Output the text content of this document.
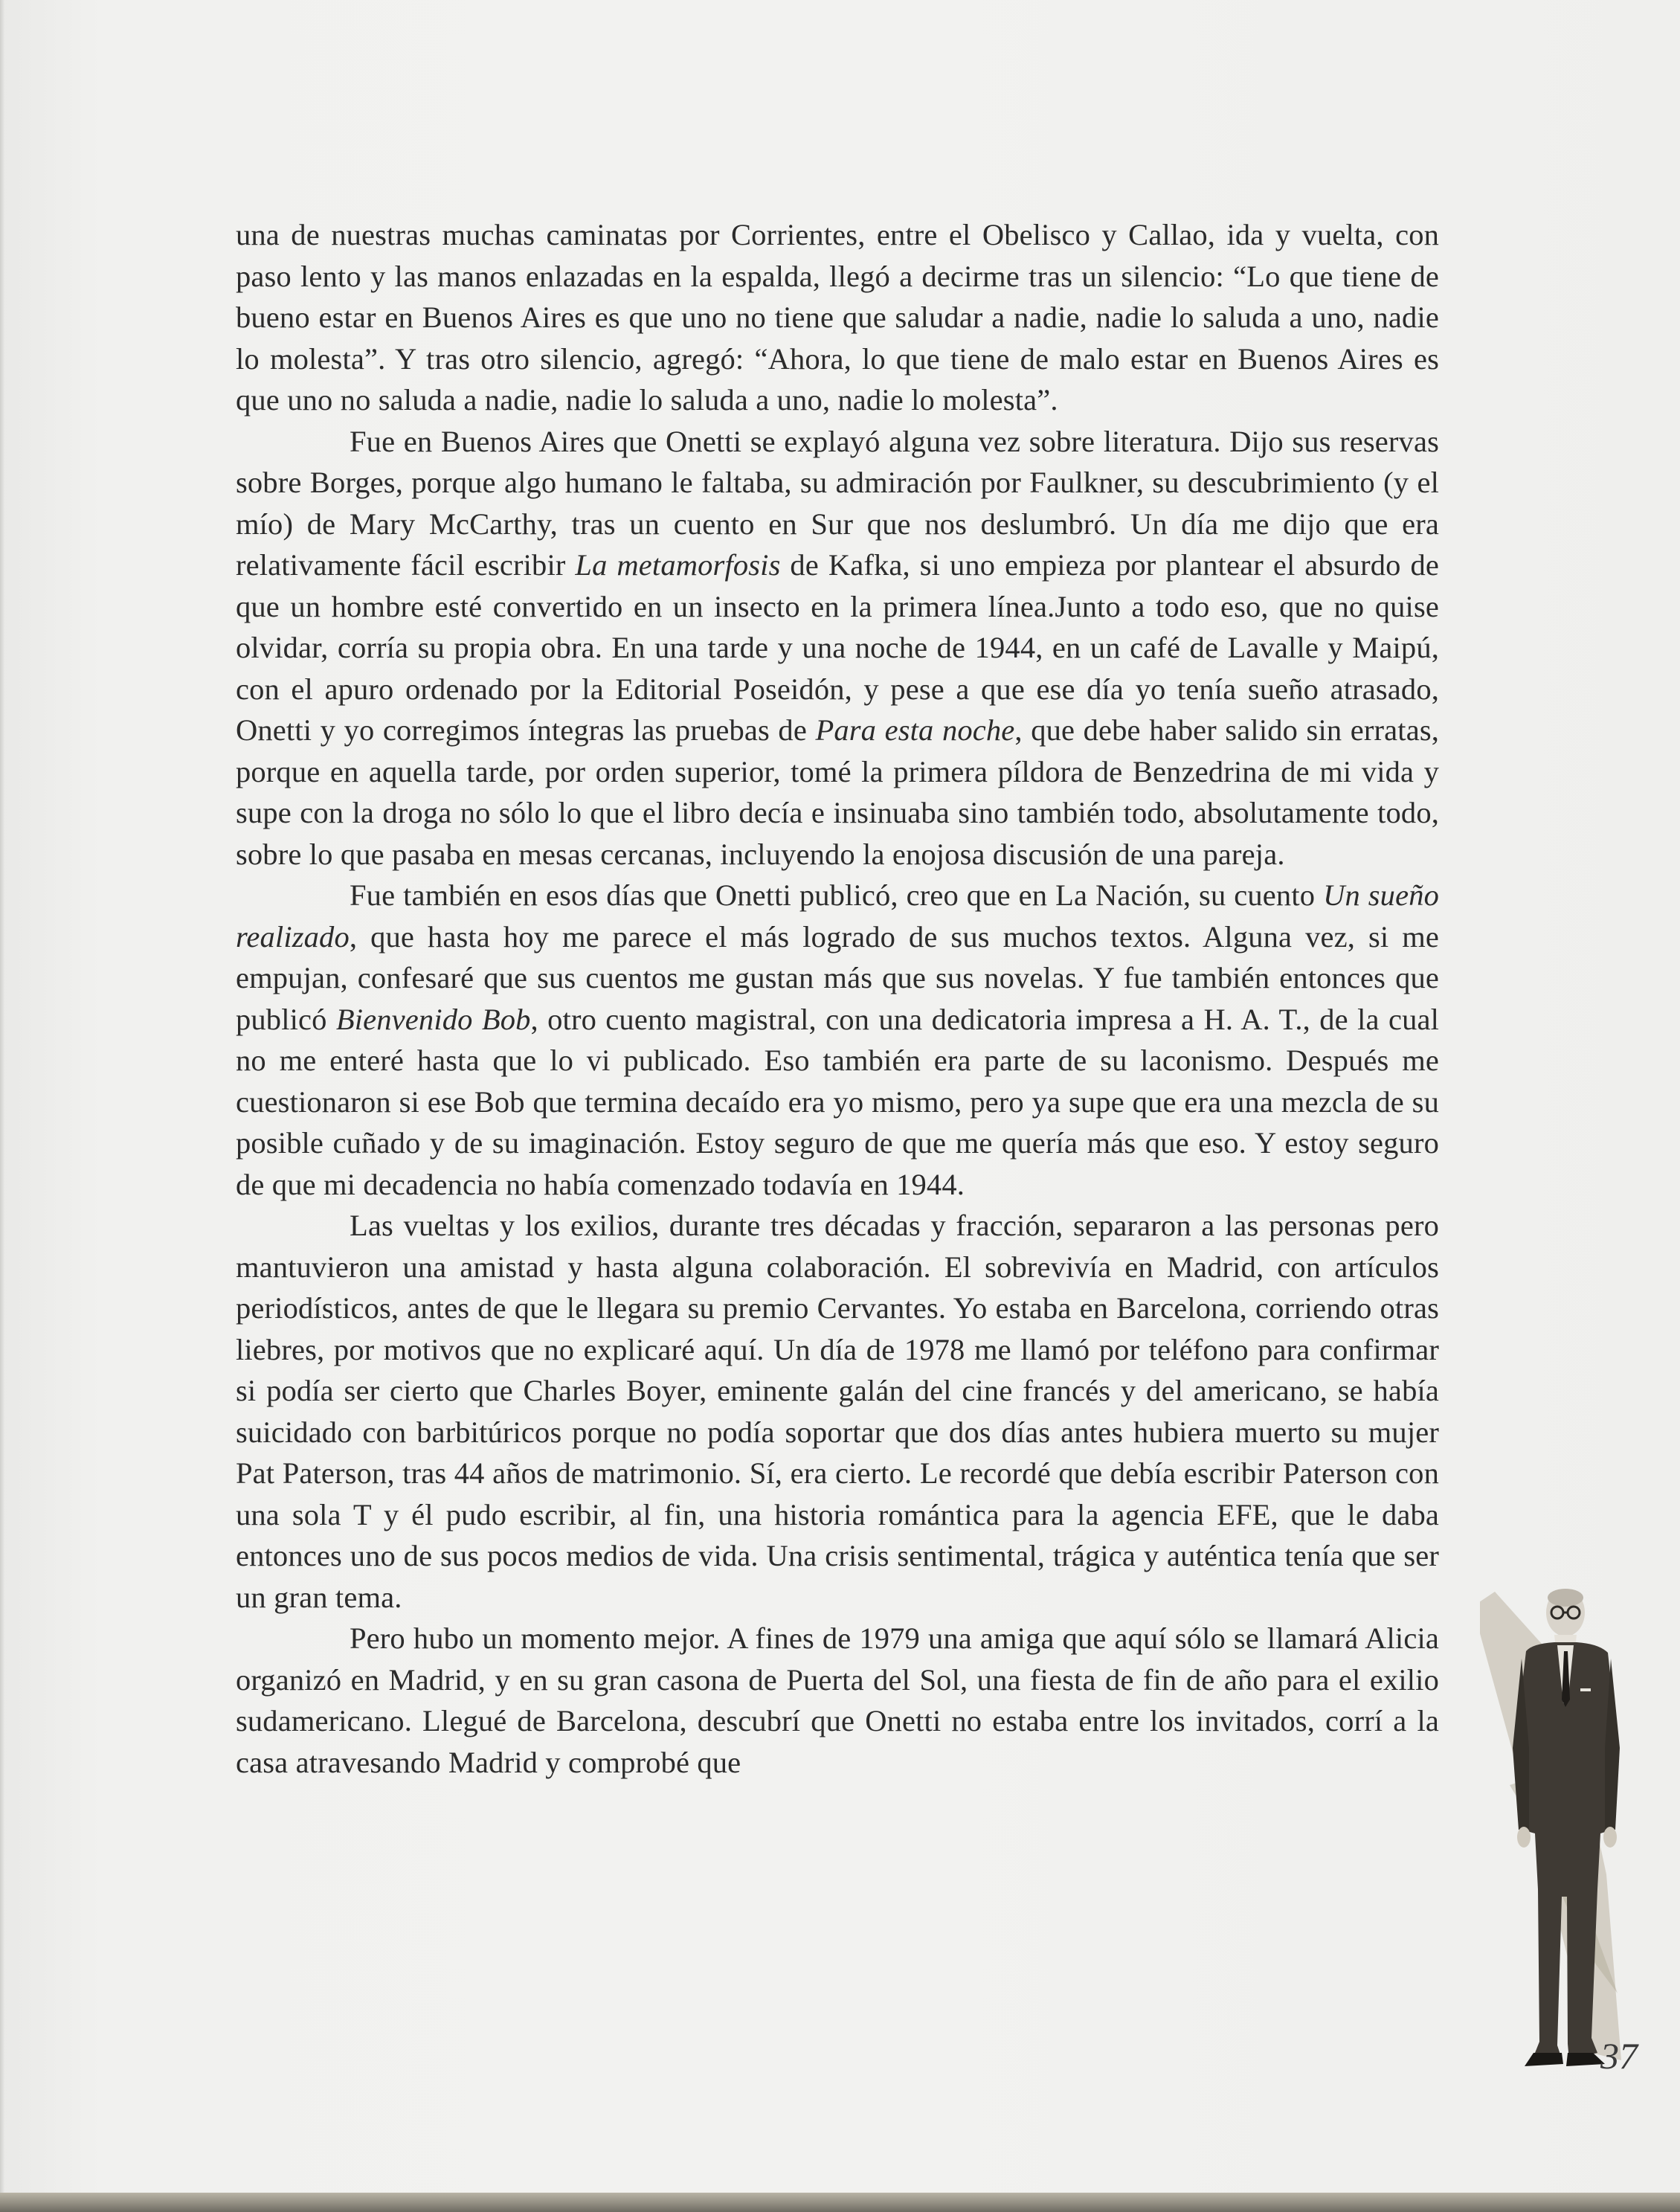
una de nuestras muchas caminatas por Corrientes, entre el Obelisco y Callao, ida y vuelta, con paso lento y las manos enlazadas en la espalda, llegó a decirme tras un silencio: “Lo que tiene de bueno estar en Buenos Aires es que uno no tiene que saludar a nadie, nadie lo saluda a uno, nadie lo molesta”. Y tras otro silencio, agregó: “Ahora, lo que tiene de malo estar en Buenos Aires es que uno no saluda a nadie, nadie lo saluda a uno, nadie lo molesta”.

Fue en Buenos Aires que Onetti se explayó alguna vez sobre literatura. Dijo sus reservas sobre Borges, porque algo humano le faltaba, su admiración por Faulkner, su descubrimiento (y el mío) de Mary McCarthy, tras un cuento en Sur que nos deslumbró. Un día me dijo que era relativamente fácil escribir La metamorfosis de Kafka, si uno empieza por plantear el absurdo de que un hombre esté convertido en un insecto en la primera línea.Junto a todo eso, que no quise olvidar, corría su propia obra. En una tarde y una noche de 1944, en un café de Lavalle y Maipú, con el apuro ordenado por la Editorial Poseidón, y pese a que ese día yo tenía sueño atrasado, Onetti y yo corregimos íntegras las pruebas de Para esta noche, que debe haber salido sin erratas, porque en aquella tarde, por orden superior, tomé la primera píldora de Benzedrina de mi vida y supe con la droga no sólo lo que el libro decía e insinuaba sino también todo, absolutamente todo, sobre lo que pasaba en mesas cercanas, incluyendo la enojosa discusión de una pareja.

Fue también en esos días que Onetti publicó, creo que en La Nación, su cuento Un sueño realizado, que hasta hoy me parece el más logrado de sus muchos textos. Alguna vez, si me empujan, confesaré que sus cuentos me gustan más que sus novelas. Y fue también entonces que publicó Bienvenido Bob, otro cuento magistral, con una dedicatoria impresa a H. A. T., de la cual no me enteré hasta que lo vi publicado. Eso también era parte de su laconismo. Después me cuestionaron si ese Bob que termina decaído era yo mismo, pero ya supe que era una mezcla de su posible cuñado y de su imaginación. Estoy seguro de que me quería más que eso. Y estoy seguro de que mi decadencia no había comenzado todavía en 1944.

Las vueltas y los exilios, durante tres décadas y fracción, separaron a las personas pero mantuvieron una amistad y hasta alguna colaboración. El sobrevivía en Madrid, con artículos periodísticos, antes de que le llegara su premio Cervantes. Yo estaba en Barcelona, corriendo otras liebres, por motivos que no explicaré aquí. Un día de 1978 me llamó por teléfono para confirmar si podía ser cierto que Charles Boyer, eminente galán del cine francés y del americano, se había suicidado con barbitúricos porque no podía soportar que dos días antes hubiera muerto su mujer Pat Paterson, tras 44 años de matrimonio. Sí, era cierto. Le recordé que debía escribir Paterson con una sola T y él pudo escribir, al fin, una historia romántica para la agencia EFE, que le daba entonces uno de sus pocos medios de vida. Una crisis sentimental, trágica y auténtica tenía que ser un gran tema.

Pero hubo un momento mejor. A fines de 1979 una amiga que aquí sólo se llamará Alicia organizó en Madrid, y en su gran casona de Puerta del Sol, una fiesta de fin de año para el exilio sudamericano. Llegué de Barcelona, descubrí que Onetti no estaba entre los invitados, corrí a la casa atravesando Madrid y comprobé que

37
